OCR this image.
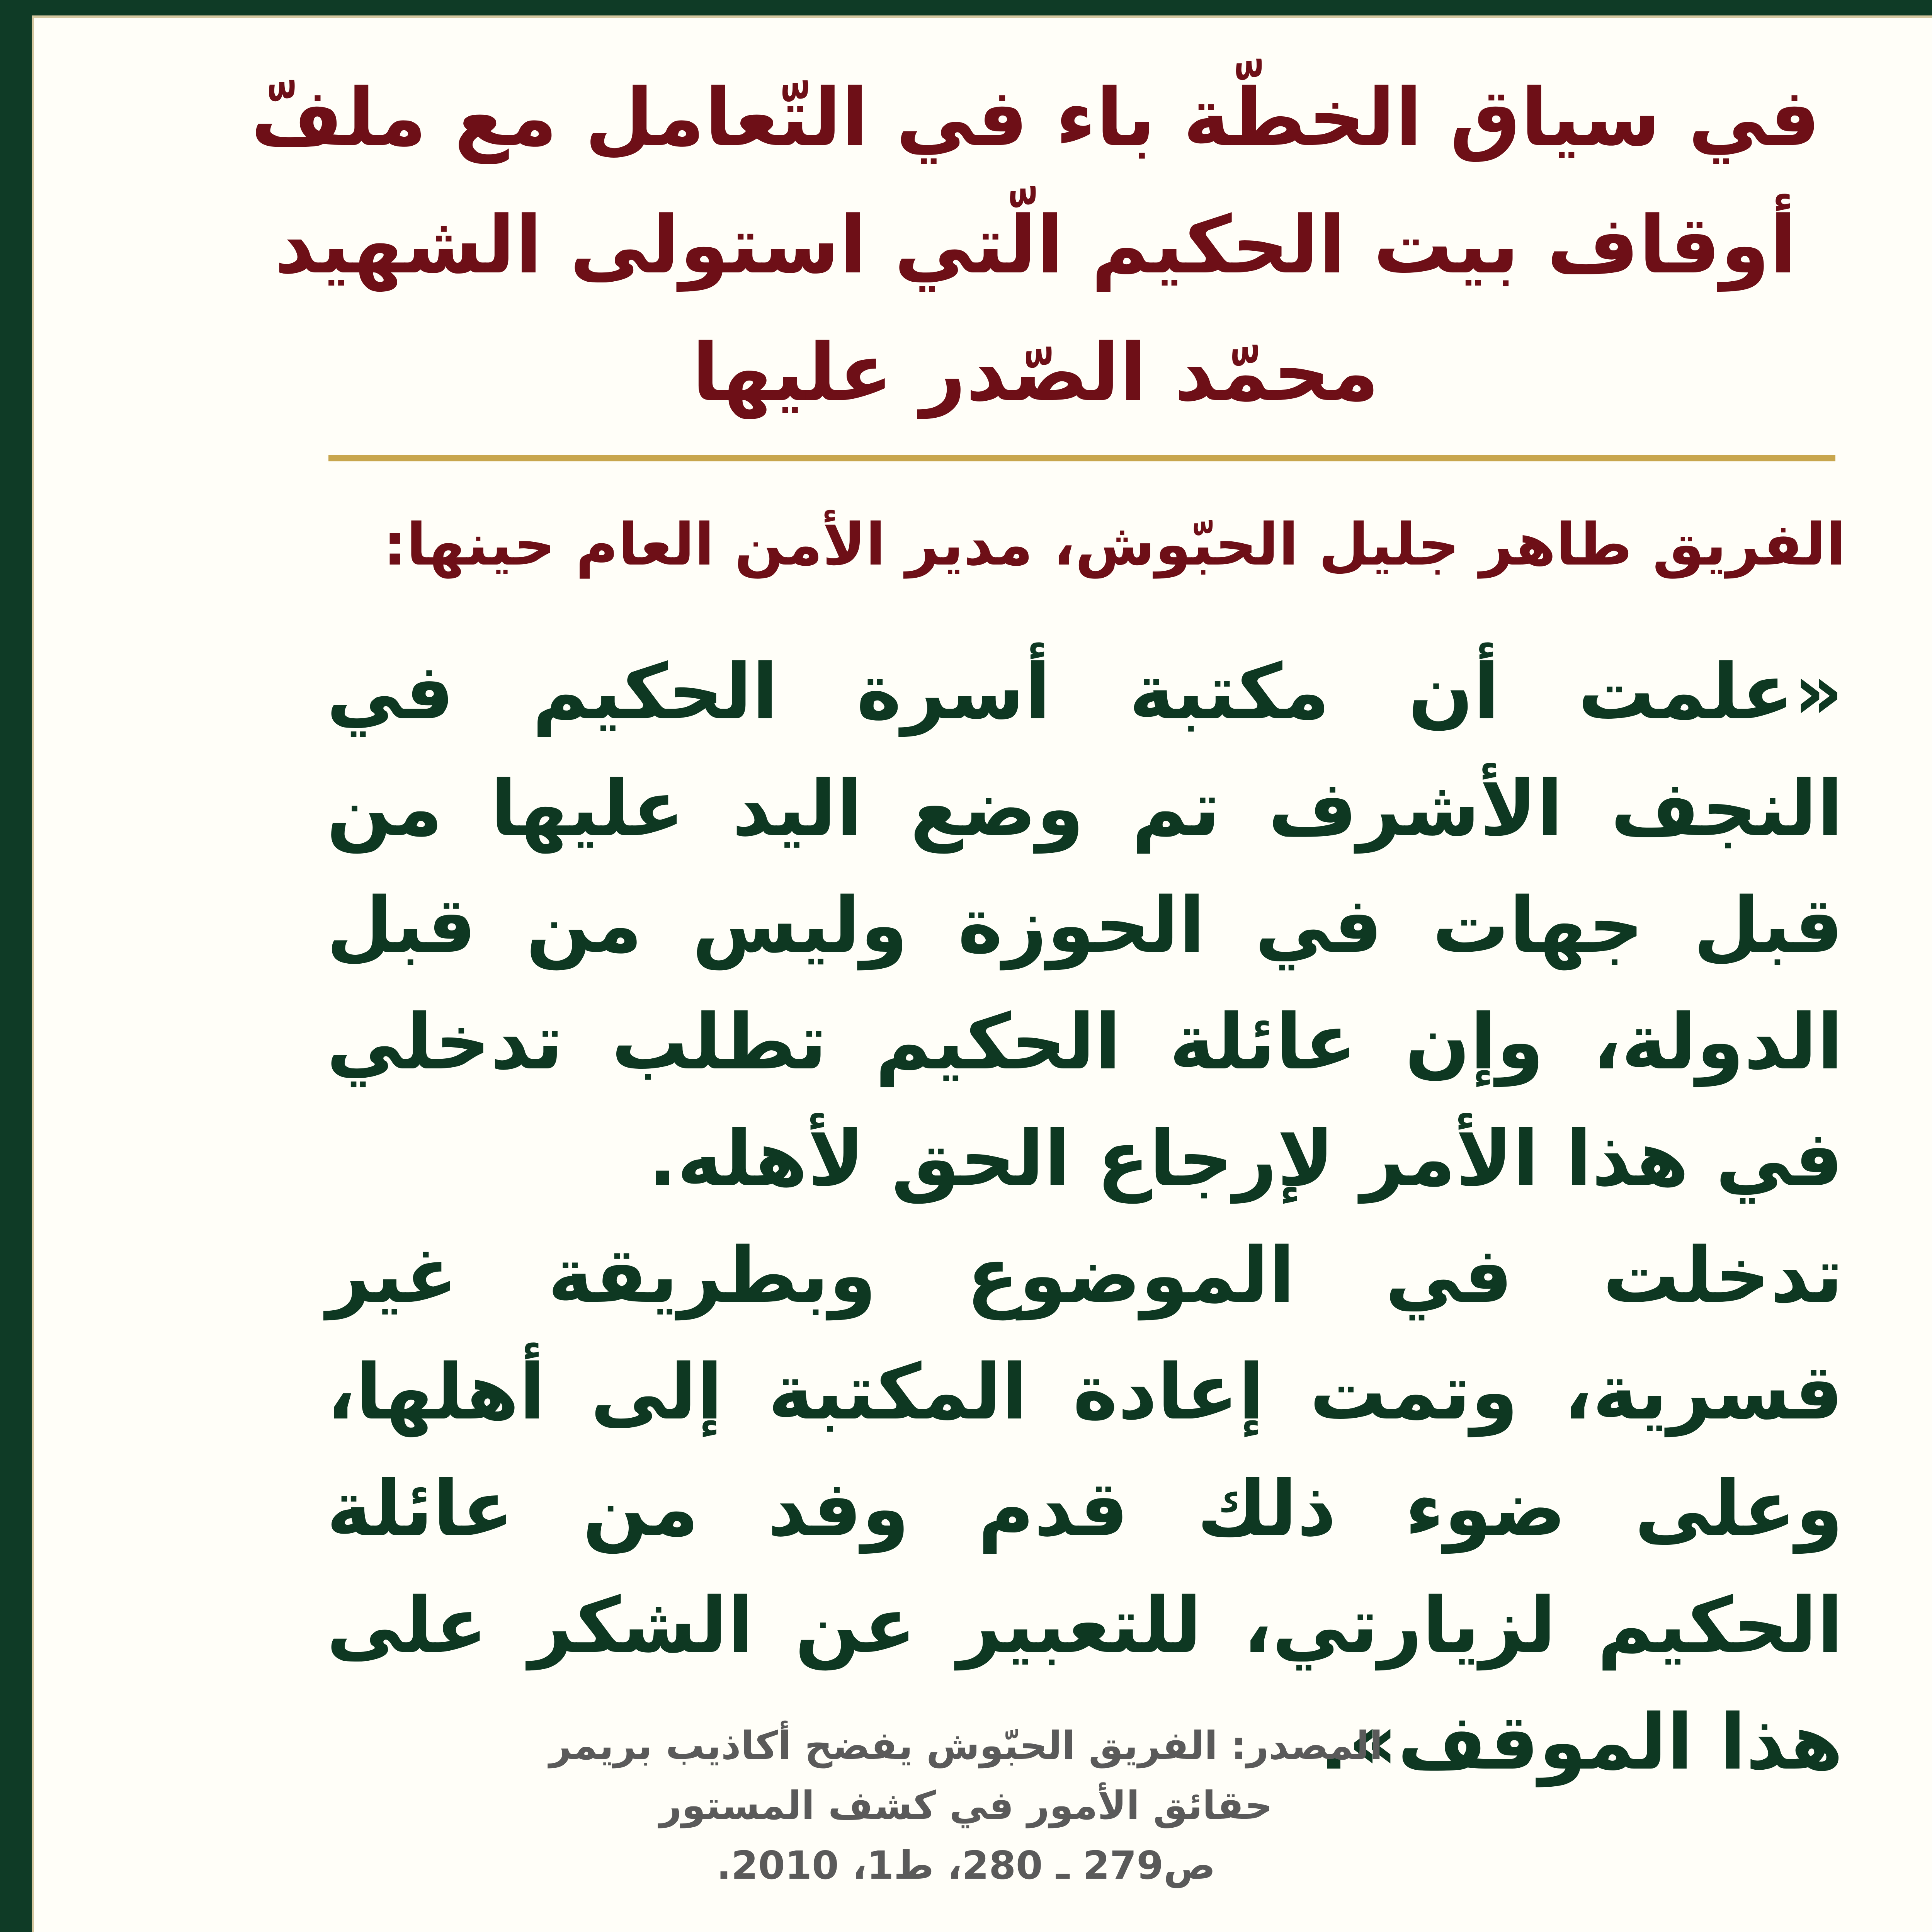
في سياق الخطّة باء في التّعامل مع ملفّ
أوقاف بيت الحكيم الّتي استولى الشهيد
محمّد الصّدر عليها
الفريق طاهر جليل الحبّوش، مدير الأمن العام حينها:

«علمت أن مكتبة أسرة الحكيم في النجف الأشرف تم وضع اليد عليها من قبل جهات في الحوزة وليس من قبل الدولة، وإن عائلة الحكيم تطلب تدخلي في هذا الأمر لإرجاع الحق لأهله.

تدخلت في الموضوع وبطريقة غير قسرية، وتمت إعادة المكتبة إلى أهلها، وعلى ضوء ذلك قدم وفد من عائلة الحكيم لزيارتي، للتعبير عن الشكر على هذا الموقف».

المصدر: الفريق الحبّوش يفضح أكاذيب بريمر
حقائق الأمور في كشف المستور
ص279 ـ 280، ط1، 2010.
